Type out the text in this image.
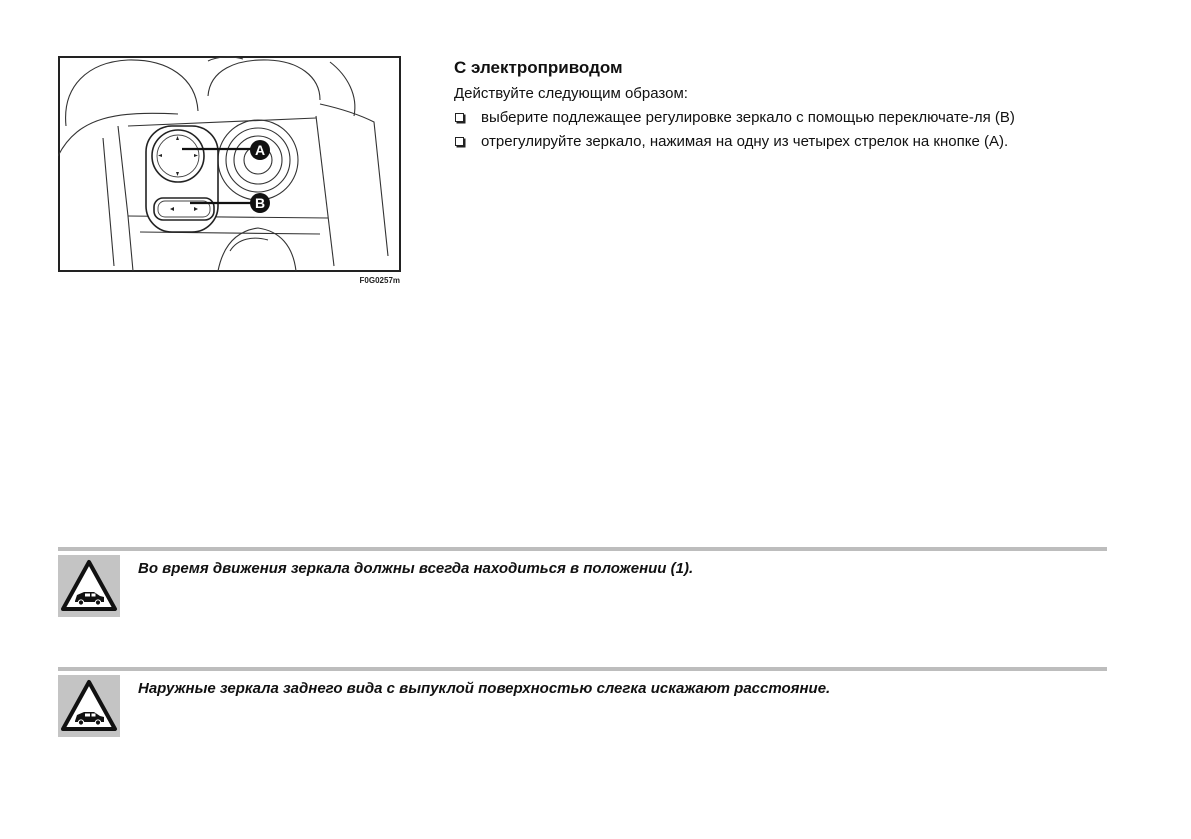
A
B
F0G0257m
С электроприводом
Действуйте следующим образом:
выберите подлежащее регулировке зеркало с помощью переключате-ля (B)
отрегулируйте зеркало, нажимая на одну из четырех стрелок на кнопке (A).
Во время движения зеркала должны всегда находиться в положении (1).
Наружные зеркала заднего вида с выпуклой поверхностью слегка искажают расстояние.
